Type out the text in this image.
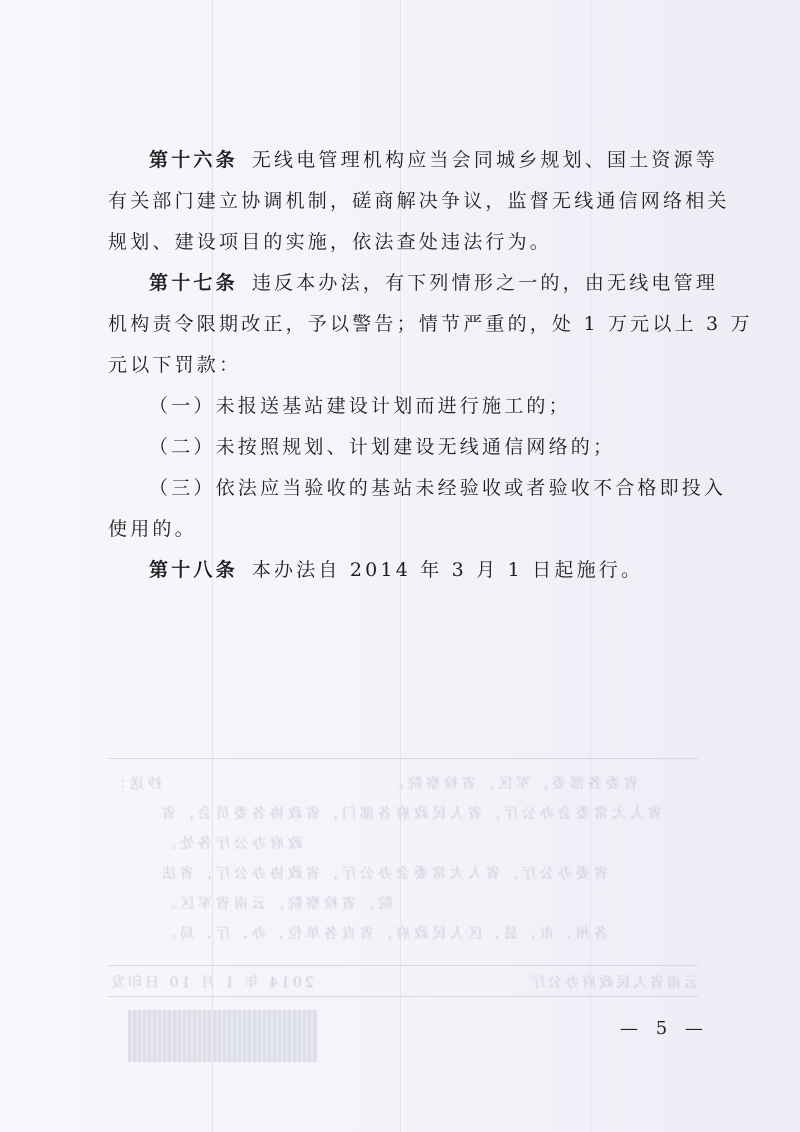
第十六条 无线电管理机构应当会同城乡规划、国土资源等
有关部门建立协调机制，磋商解决争议，监督无线通信网络相关
规划、建设项目的实施，依法查处违法行为。
第十七条 违反本办法，有下列情形之一的，由无线电管理
机构责令限期改正，予以警告；情节严重的，处 1 万元以上 3 万
元以下罚款：
（一）未报送基站建设计划而进行施工的；
（二）未按照规划、计划建设无线通信网络的；
（三）依法应当验收的基站未经验收或者验收不合格即投入
使用的。
第十八条 本办法自 2014 年 3 月 1 日起施行。
抄送：	省委各部委，军区，省检察院。
省人大常委会办公厅，省人民政府各部门，省政协各委员会，省
政府办公厅各处。
省委办公厅，省人大常委会办公厅，省政协办公厅，省法
院，省检察院，云南省军区。
各州、市、县、区人民政府，省直各单位、办、厅、局。
2014 年 1 月 10 日印发	云南省人民政府办公厅
— 5 —
